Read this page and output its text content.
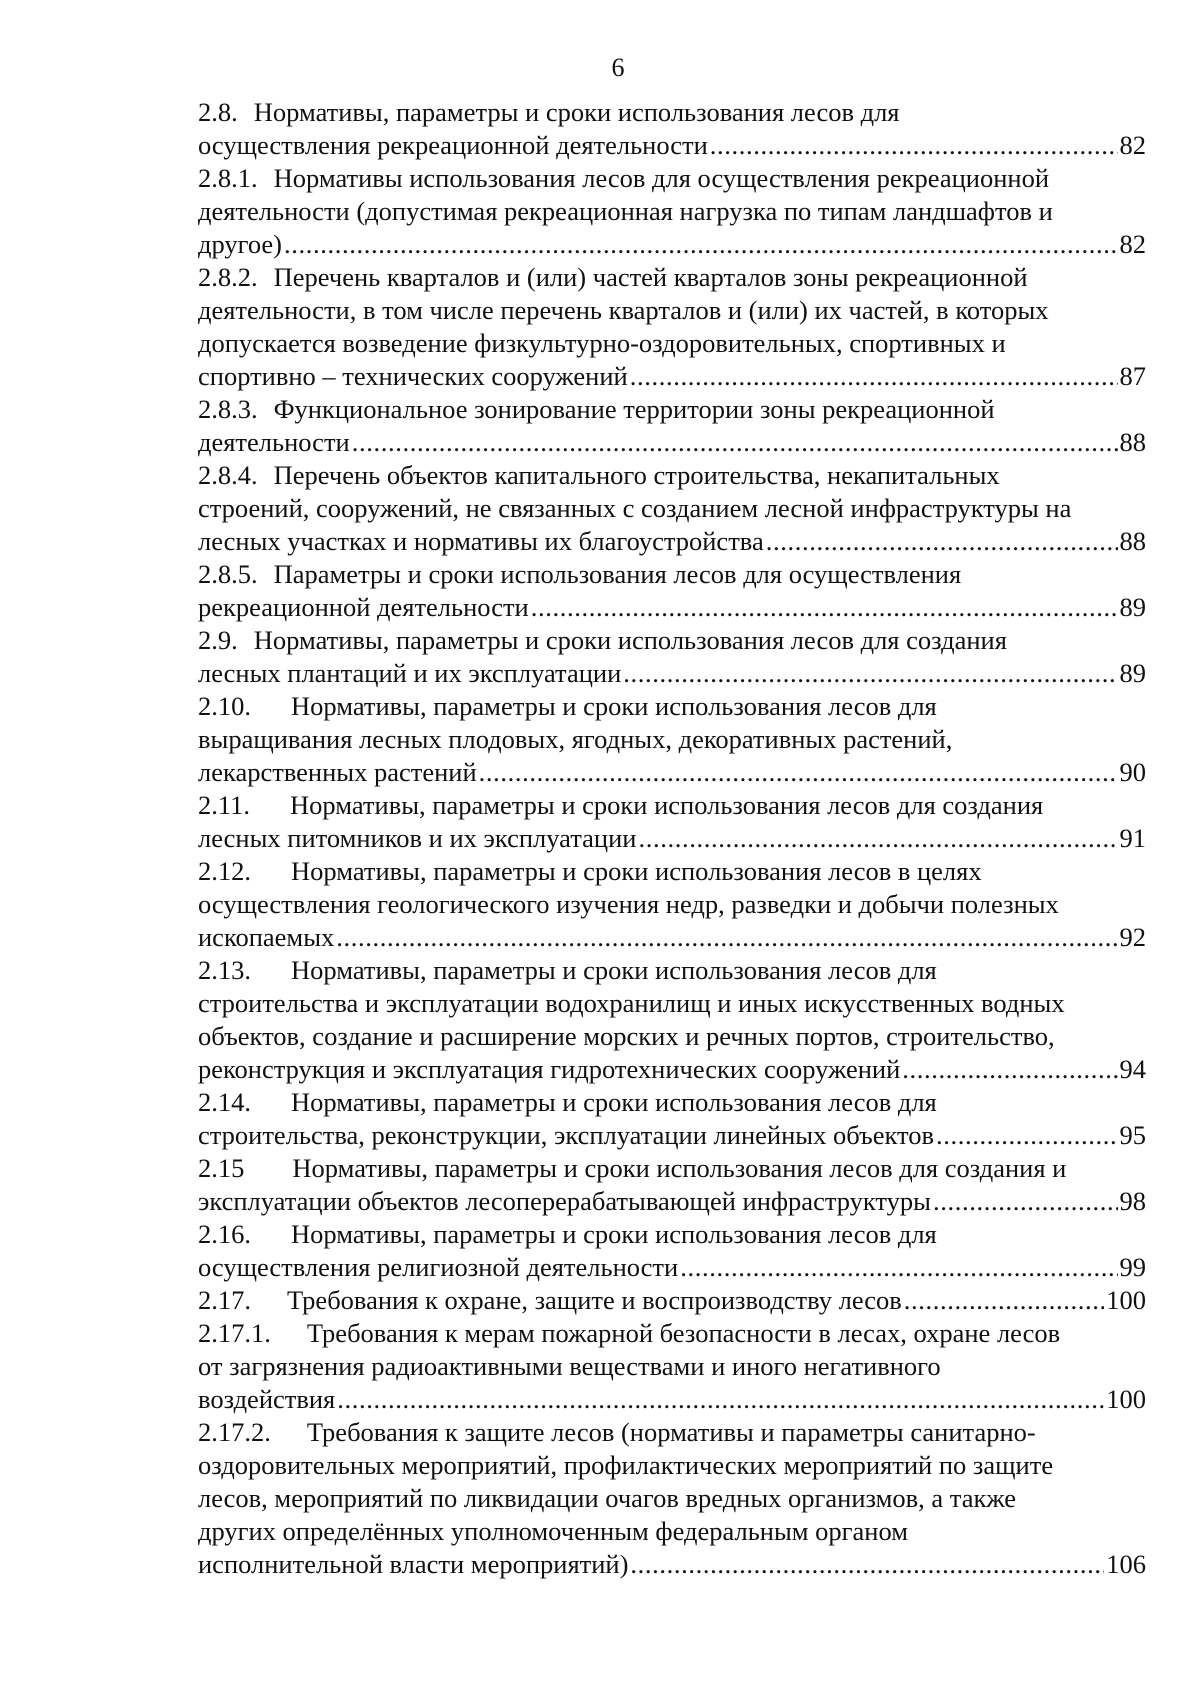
6
2.8. Нормативы, параметры и сроки использования лесов для
осуществления рекреационной деятельности . . .	82
2.8.1. Нормативы использования лесов для осуществления рекреационной
деятельности (допустимая рекреационная нагрузка по типам ландшафтов и
другое) . . .	82
2.8.2. Перечень кварталов и (или) частей кварталов зоны рекреационной
деятельности, в том числе перечень кварталов и (или) их частей, в которых
допускается возведение физкультурно-оздоровительных, спортивных и
спортивно – технических сооружений . . .	87
2.8.3. Функциональное зонирование территории зоны рекреационной
деятельности . . .	88
2.8.4. Перечень объектов капитального строительства, некапитальных
строений, сооружений, не связанных с созданием лесной инфраструктуры на
лесных участках и нормативы их благоустройства . . .	88
2.8.5. Параметры и сроки использования лесов для осуществления
рекреационной деятельности . . .	89
2.9. Нормативы, параметры и сроки использования лесов для создания
лесных плантаций и их эксплуатации . . .	89
2.10. Нормативы, параметры и сроки использования лесов для
выращивания лесных плодовых, ягодных, декоративных растений,
лекарственных растений . . .	90
2.11. Нормативы, параметры и сроки использования лесов для создания
лесных питомников и их эксплуатации . . .	91
2.12. Нормативы, параметры и сроки использования лесов в целях
осуществления геологического изучения недр, разведки и добычи полезных
ископаемых . . .	92
2.13. Нормативы, параметры и сроки использования лесов для
строительства и эксплуатации водохранилищ и иных искусственных водных
объектов, создание и расширение морских и речных портов, строительство,
реконструкция и эксплуатация гидротехнических сооружений . . .	94
2.14. Нормативы, параметры и сроки использования лесов для
строительства, реконструкции, эксплуатации линейных объектов . . .	95
2.15 Нормативы, параметры и сроки использования лесов для создания и
эксплуатации объектов лесоперерабатывающей инфраструктуры . . .	98
2.16. Нормативы, параметры и сроки использования лесов для
осуществления религиозной деятельности . . .	99
2.17. Требования к охране, защите и воспроизводству лесов . . .	100
2.17.1. Требования к мерам пожарной безопасности в лесах, охране лесов
от загрязнения радиоактивными веществами и иного негативного
воздействия . . .	100
2.17.2. Требования к защите лесов (нормативы и параметры санитарно-
оздоровительных мероприятий, профилактических мероприятий по защите
лесов, мероприятий по ликвидации очагов вредных организмов, а также
других определённых уполномоченным федеральным органом
исполнительной власти мероприятий) . . .	106
